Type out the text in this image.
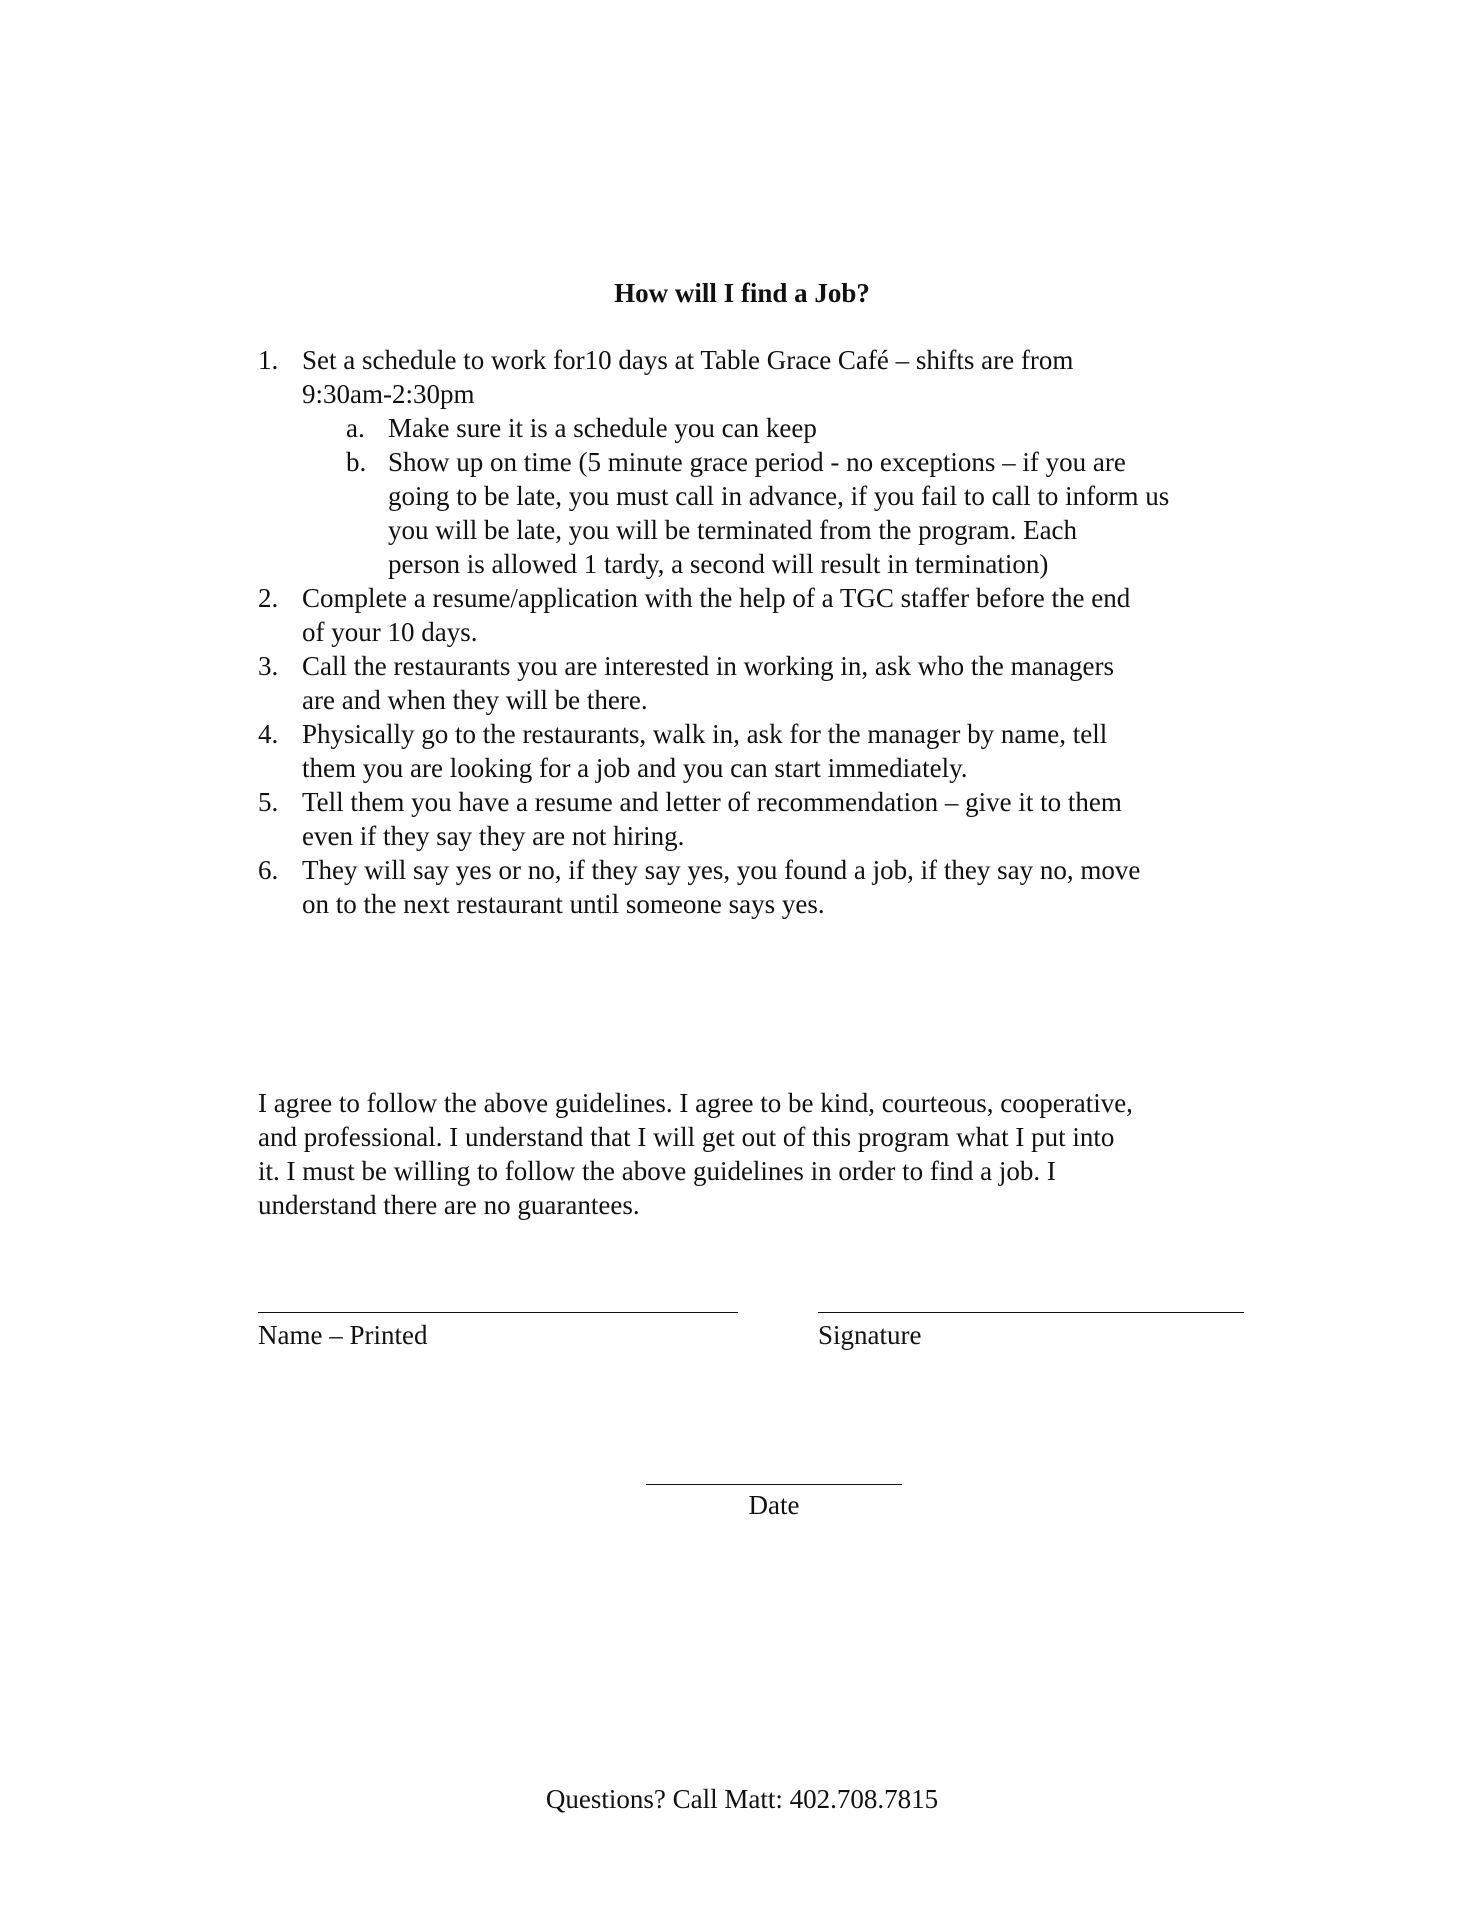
How will I find a Job?
1. Set a schedule to work for10 days at Table Grace Café – shifts are from
9:30am-2:30pm
a. Make sure it is a schedule you can keep
b. Show up on time (5 minute grace period - no exceptions – if you are
going to be late, you must call in advance, if you fail to call to inform us
you will be late, you will be terminated from the program. Each
person is allowed 1 tardy, a second will result in termination)
2. Complete a resume/application with the help of a TGC staffer before the end
of your 10 days.
3. Call the restaurants you are interested in working in, ask who the managers
are and when they will be there.
4. Physically go to the restaurants, walk in, ask for the manager by name, tell
them you are looking for a job and you can start immediately.
5. Tell them you have a resume and letter of recommendation – give it to them
even if they say they are not hiring.
6. They will say yes or no, if they say yes, you found a job, if they say no, move
on to the next restaurant until someone says yes.
I agree to follow the above guidelines. I agree to be kind, courteous, cooperative,
and professional. I understand that I will get out of this program what I put into
it. I must be willing to follow the above guidelines in order to find a job. I
understand there are no guarantees.
Name – Printed	Signature
Date
Questions? Call Matt: 402.708.7815
